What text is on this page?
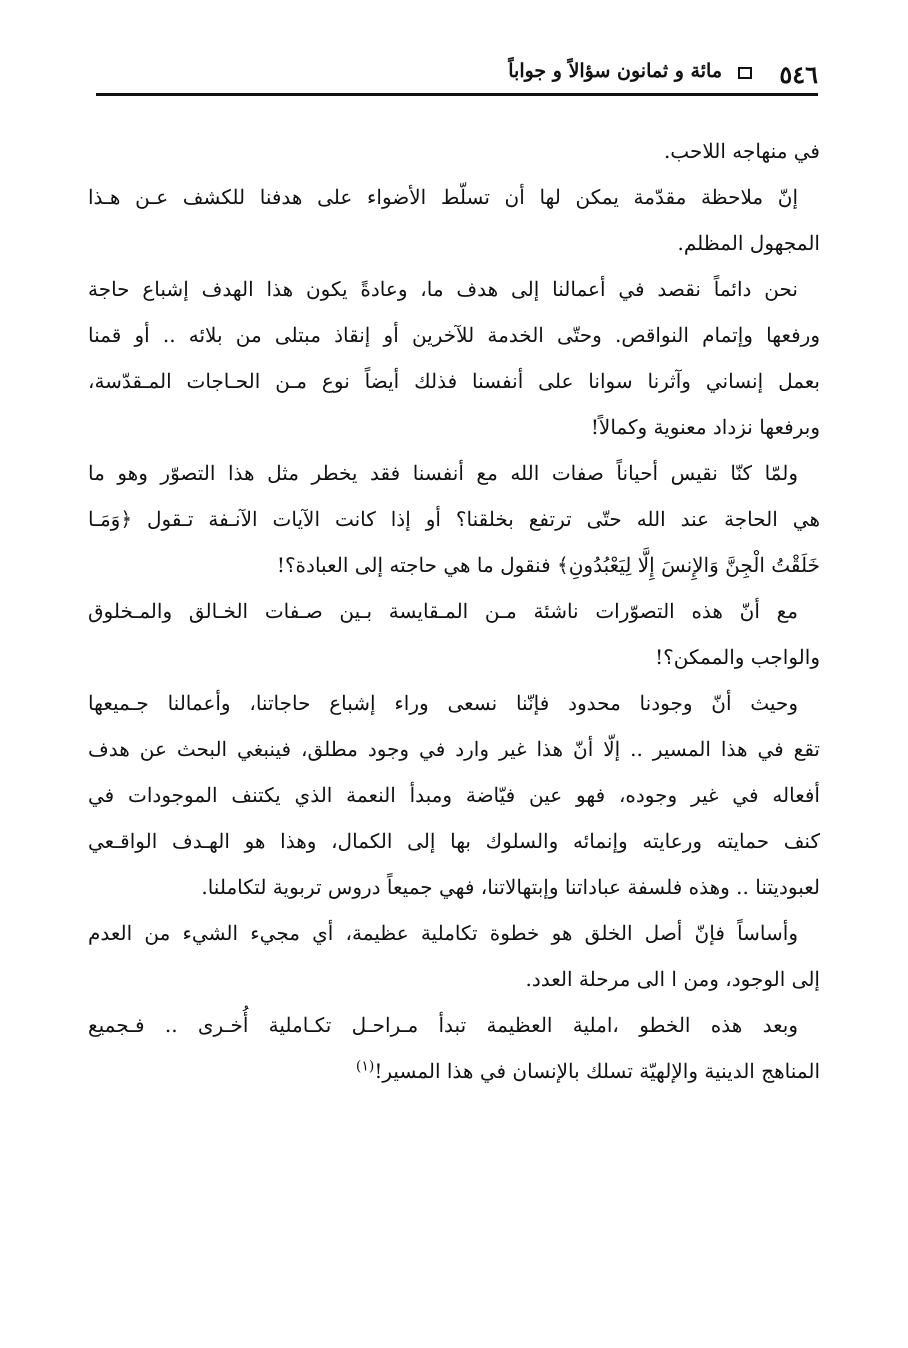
٥٤٦
مائة و ثمانون سؤالاً و جواباً

في منهاجه اللاحب.

إنّ ملاحظة مقدّمة يمكن لها أن تسلّط الأضواء على هدفنا للكشف عـن هـذا
المجهول المظلم.

نحن دائماً نقصد في أعمالنا إلى هدف ما، وعادةً يكون هذا الهدف إشباع حاجة
ورفعها وإتمام النواقص. وحتّى الخدمة للآخرين أو إنقاذ مبتلى من بلائه .. أو قمنا
بعمل إنساني وآثرنا سوانا على أنفسنا فذلك أيضاً نوع مـن الحـاجات المـقدّسة،
وبرفعها نزداد معنوية وكمالاً!

ولمّا كنّا نقيس أحياناً صفات الله مع أنفسنا فقد يخطر مثل هذا التصوّر وهو ما
هي الحاجة عند الله حتّى ترتفع بخلقنا؟ أو إذا كانت الآيات الآنـفة تـقول ﴿وَمَـا
خَلَقْتُ الْجِنَّ وَالإِنسَ إِلَّا لِيَعْبُدُونِ﴾ فنقول ما هي حاجته إلى العبادة؟!

مع أنّ هذه التصوّرات ناشئة مـن المـقايسة بـين صـفات الخـالق والمـخلوق
والواجب والممكن؟!

وحيث أنّ وجودنا محدود فإنّنا نسعى وراء إشباع حاجاتنا، وأعمالنا جـميعها
تقع في هذا المسير .. إلّا أنّ هذا غير وارد في وجود مطلق، فينبغي البحث عن هدف
أفعاله في غير وجوده، فهو عين فيّاضة ومبدأ النعمة الذي يكتنف الموجودات في
كنف حمايته ورعايته وإنمائه والسلوك بها إلى الكمال، وهذا هو الهـدف الواقـعي
لعبوديتنا .. وهذه فلسفة عباداتنا وإبتهالاتنا، فهي جميعاً دروس تربوية لتكاملنا.

وأساساً فإنّ أصل الخلق هو خطوة تكاملية عظيمة، أي مجيء الشيء من العدم
إلى الوجود، ومن ا الى مرحلة العدد.

وبعد هذه الخطو ،املية العظيمة تبدأ مـراحـل تكـاملية أُخـرى .. فـجميع
المناهج الدينية والإلهيّة تسلك بالإنسان في هذا المسير!$^{(١)}$
